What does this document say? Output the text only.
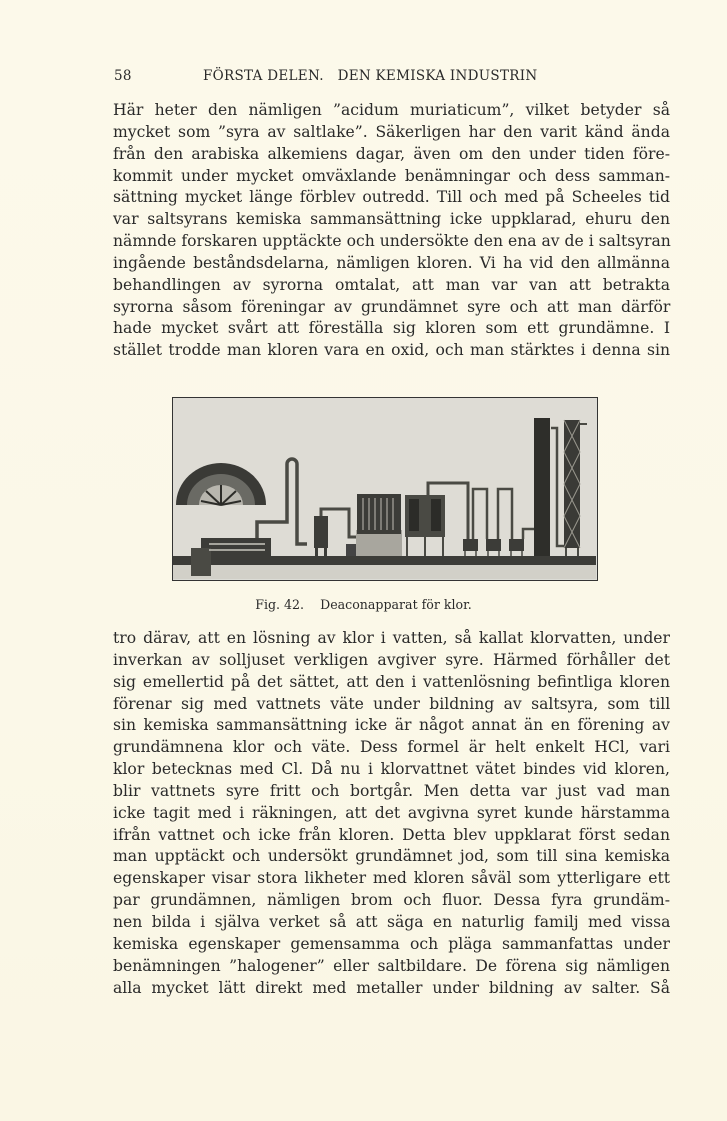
58	FÖRSTA DELEN.   DEN KEMISKA INDUSTRIN
Här heter den nämligen ”acidum muriaticum”, vilket betyder så
mycket som ”syra av saltlake”. Säkerligen har den varit känd ända
från den arabiska alkemiens dagar, även om den under tiden före-
kommit under mycket omväxlande benämningar och dess samman-
sättning mycket länge förblev outredd. Till och med på Scheeles tid
var saltsyrans kemiska sammansättning icke uppklarad, ehuru den
nämnde forskaren upptäckte och undersökte den ena av de i saltsyran
ingående beståndsdelarna, nämligen kloren. Vi ha vid den allmänna
behandlingen av syrorna omtalat, att man var van att betrakta
syrorna såsom föreningar av grundämnet syre och att man därför
hade mycket svårt att föreställa sig kloren som ett grundämne. I
stället trodde man kloren vara en oxid, och man stärktes i denna sin
Fig. 42. Deaconapparat för klor.
tro därav, att en lösning av klor i vatten, så kallat klorvatten, under
inverkan av solljuset verkligen avgiver syre. Härmed förhåller det
sig emellertid på det sättet, att den i vattenlösning befintliga kloren
förenar sig med vattnets väte under bildning av saltsyra, som till
sin kemiska sammansättning icke är något annat än en förening av
grundämnena klor och väte. Dess formel är helt enkelt HCl, vari
klor betecknas med Cl. Då nu i klorvattnet vätet bindes vid kloren,
blir vattnets syre fritt och bortgår. Men detta var just vad man
icke tagit med i räkningen, att det avgivna syret kunde härstamma
ifrån vattnet och icke från kloren. Detta blev uppklarat först sedan
man upptäckt och undersökt grundämnet jod, som till sina kemiska
egenskaper visar stora likheter med kloren såväl som ytterligare ett
par grundämnen, nämligen brom och fluor. Dessa fyra grundäm-
nen bilda i själva verket så att säga en naturlig familj med vissa
kemiska egenskaper gemensamma och pläga sammanfattas under
benämningen ”halogener” eller saltbildare. De förena sig nämligen
alla mycket lätt direkt med metaller under bildning av salter. Så
